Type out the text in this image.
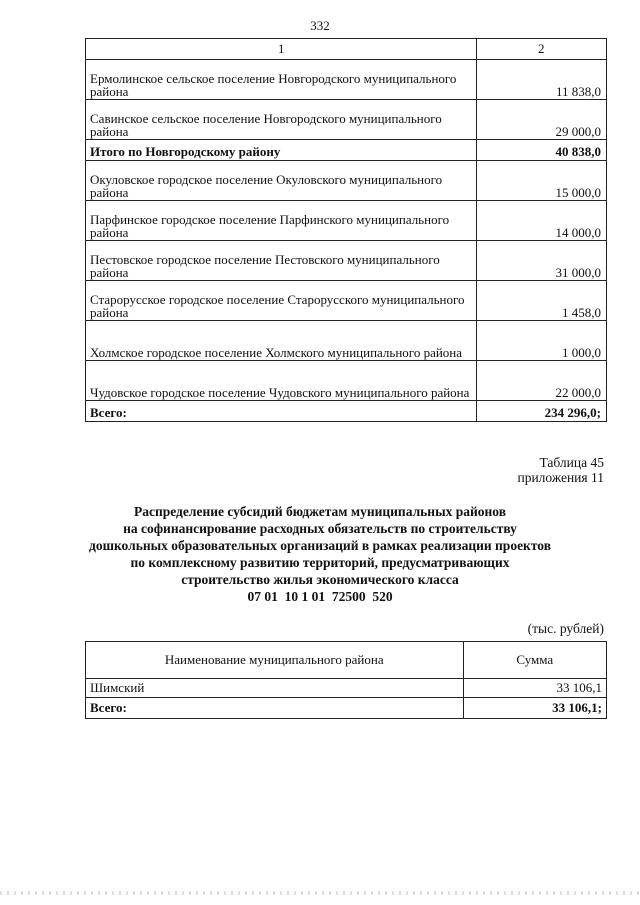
332
1	2
Ермолинское сельское поселение Новгородского муниципального района	11 838,0
Савинское сельское поселение Новгородского муниципального района	29 000,0
Итого по Новгородскому району	40 838,0
Окуловское городское поселение Окуловского муниципального района	15 000,0
Парфинское городское поселение Парфинского муниципального района	14 000,0
Пестовское городское поселение Пестовского муниципального района	31 000,0
Старорусское городское поселение Старорусского муниципального района	1 458,0
Холмское городское поселение Холмского муниципального района	1 000,0
Чудовское городское поселение Чудовского муниципального района	22 000,0
Всего:	234 296,0;
Таблица 45
приложения 11
Распределение субсидий бюджетам муниципальных районов
на софинансирование расходных обязательств по строительству
дошкольных образовательных организаций в рамках реализации проектов
по комплексному развитию территорий, предусматривающих
строительство жилья экономического класса
07 01  10 1 01  72500  520
(тыс. рублей)
Наименование муниципального района	Сумма
Шимский	33 106,1
Всего:	33 106,1;
